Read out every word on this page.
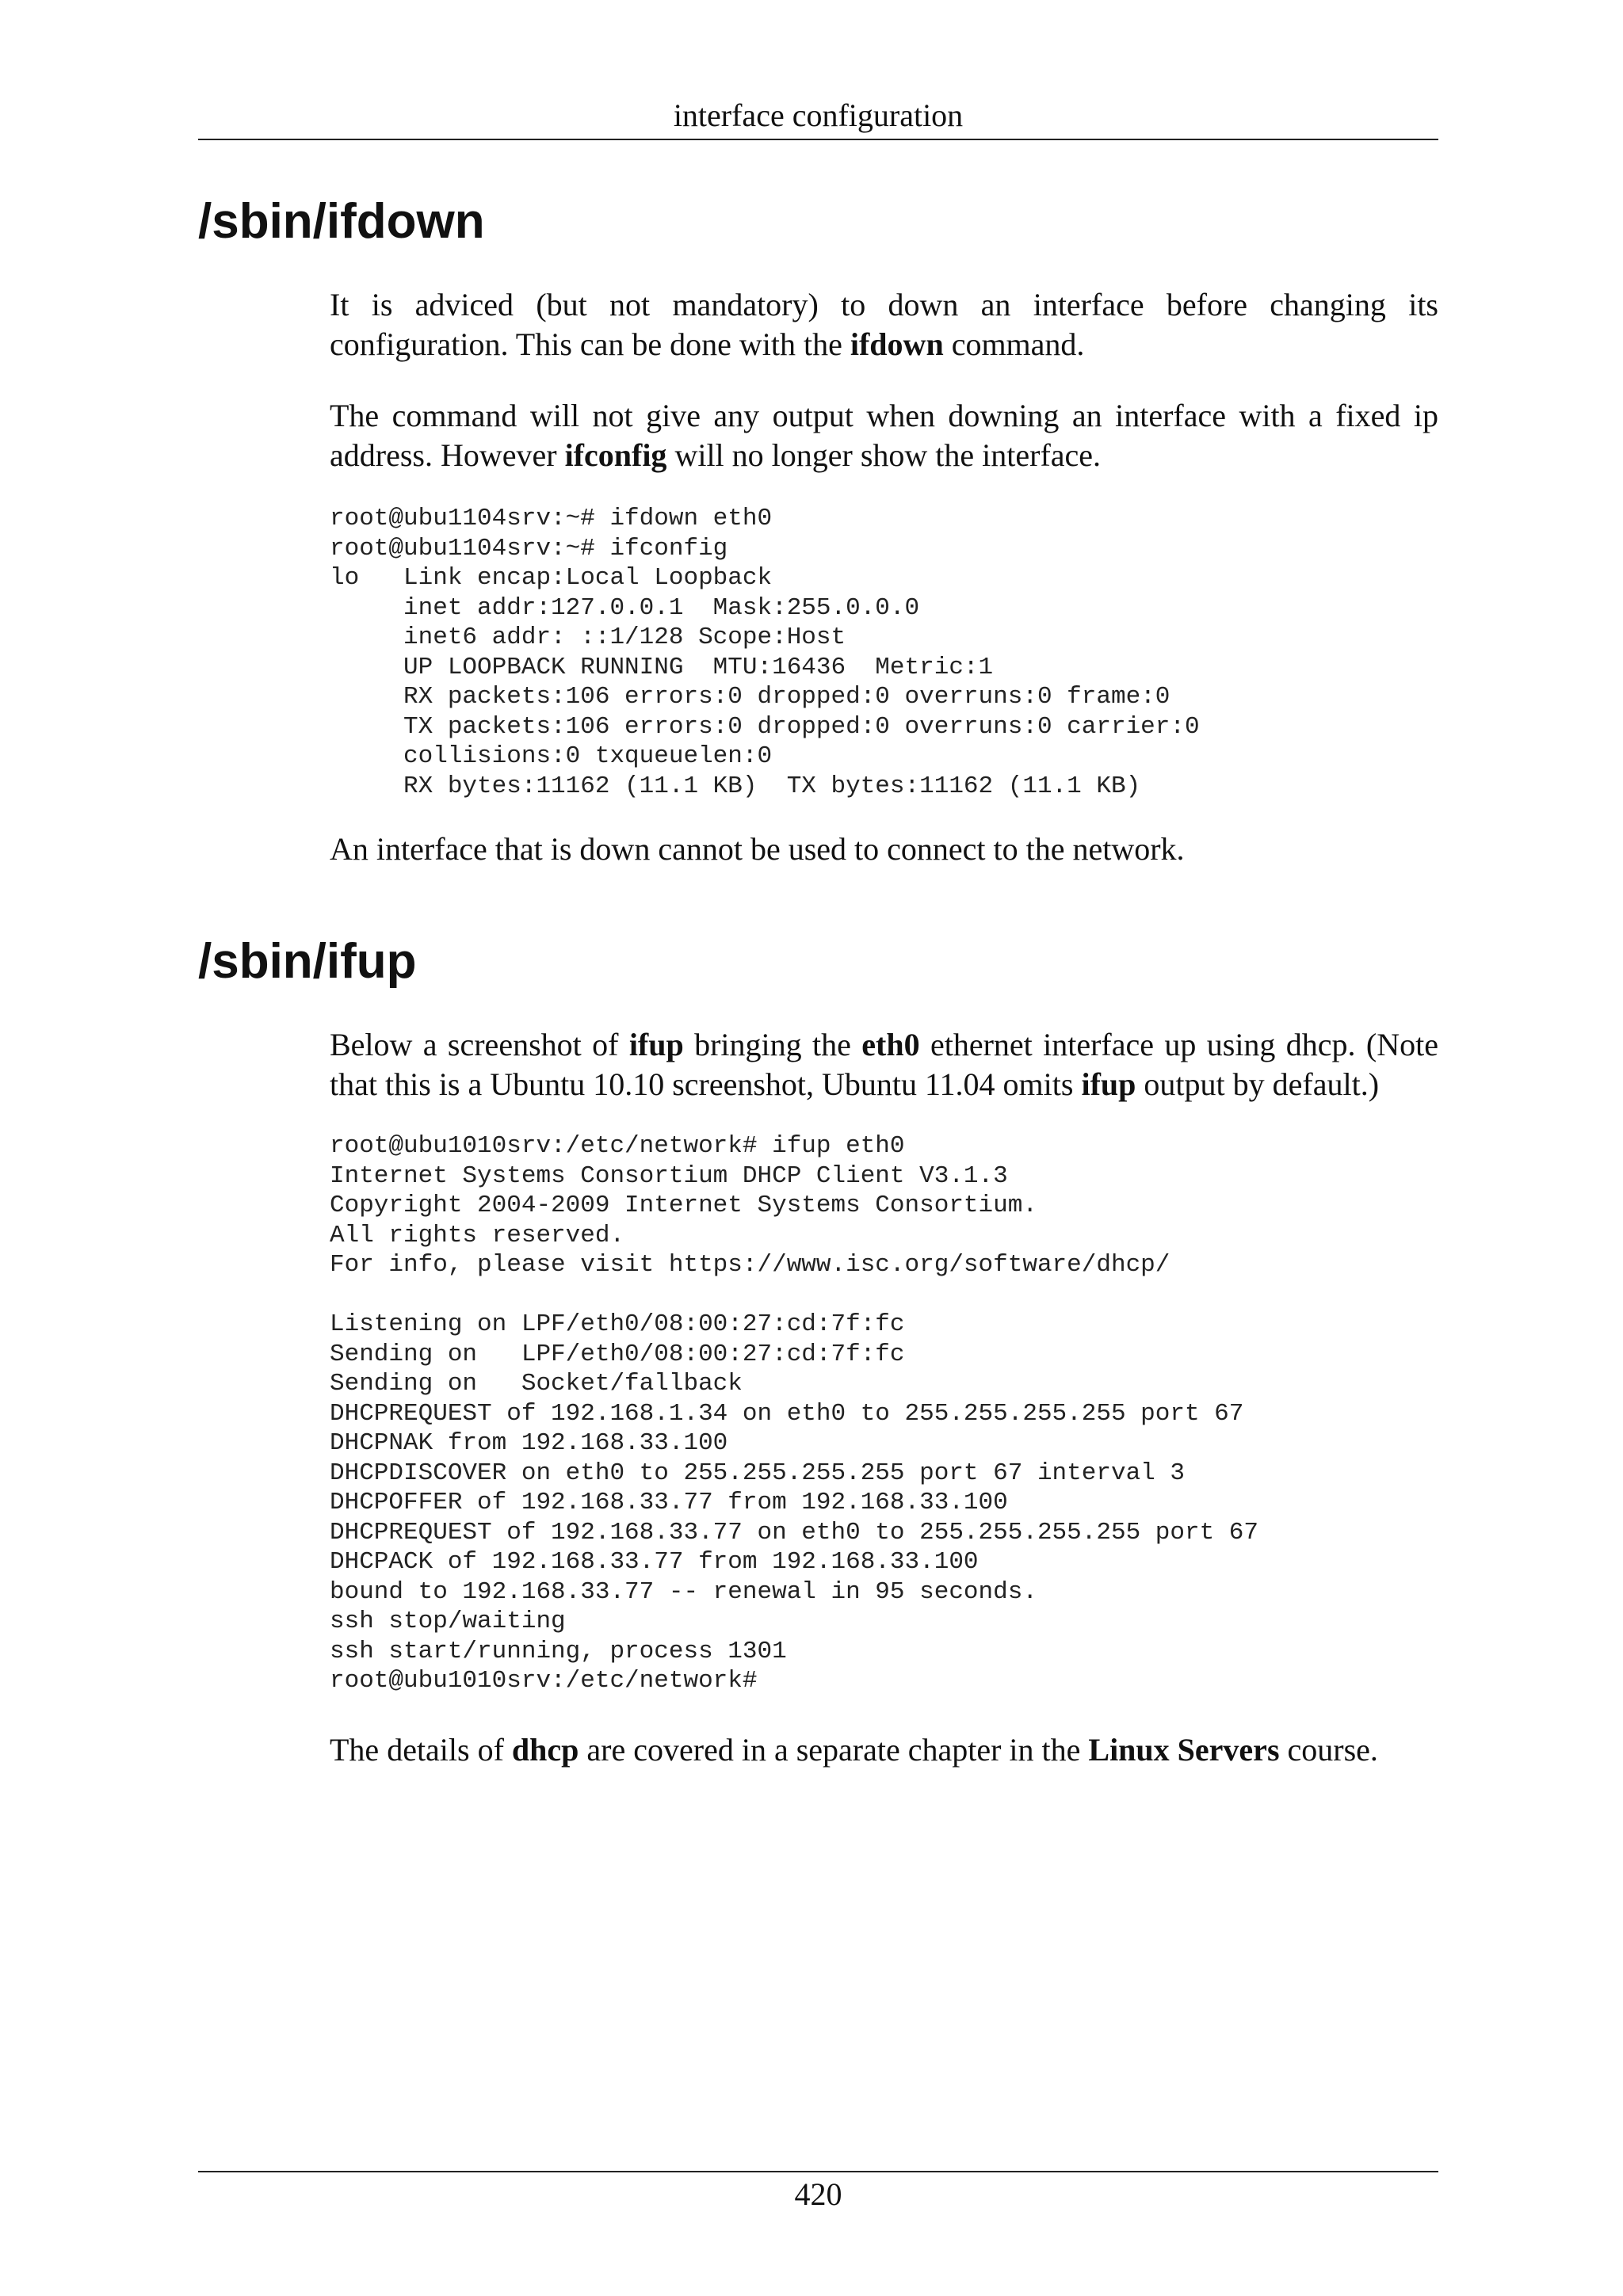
interface configuration
/sbin/ifdown

It is adviced (but not mandatory) to down an interface before changing its configuration. This can be done with the ifdown command.

The command will not give any output when downing an interface with a fixed ip address. However ifconfig will no longer show the interface.

root@ubu1104srv:~# ifdown eth0
root@ubu1104srv:~# ifconfig
lo   Link encap:Local Loopback
inet addr:127.0.0.1  Mask:255.0.0.0
inet6 addr: ::1/128 Scope:Host
UP LOOPBACK RUNNING  MTU:16436  Metric:1
RX packets:106 errors:0 dropped:0 overruns:0 frame:0
TX packets:106 errors:0 dropped:0 overruns:0 carrier:0
collisions:0 txqueuelen:0
RX bytes:11162 (11.1 KB)  TX bytes:11162 (11.1 KB)

An interface that is down cannot be used to connect to the network.

/sbin/ifup

Below a screenshot of ifup bringing the eth0 ethernet interface up using dhcp. (Note that this is a Ubuntu 10.10 screenshot, Ubuntu 11.04 omits ifup output by default.)

root@ubu1010srv:/etc/network# ifup eth0
Internet Systems Consortium DHCP Client V3.1.3
Copyright 2004-2009 Internet Systems Consortium.
All rights reserved.
For info, please visit https://www.isc.org/software/dhcp/
Listening on LPF/eth0/08:00:27:cd:7f:fc
Sending on   LPF/eth0/08:00:27:cd:7f:fc
Sending on   Socket/fallback
DHCPREQUEST of 192.168.1.34 on eth0 to 255.255.255.255 port 67
DHCPNAK from 192.168.33.100
DHCPDISCOVER on eth0 to 255.255.255.255 port 67 interval 3
DHCPOFFER of 192.168.33.77 from 192.168.33.100
DHCPREQUEST of 192.168.33.77 on eth0 to 255.255.255.255 port 67
DHCPACK of 192.168.33.77 from 192.168.33.100
bound to 192.168.33.77 -- renewal in 95 seconds.
ssh stop/waiting
ssh start/running, process 1301
root@ubu1010srv:/etc/network#

The details of dhcp are covered in a separate chapter in the Linux Servers course.

420
